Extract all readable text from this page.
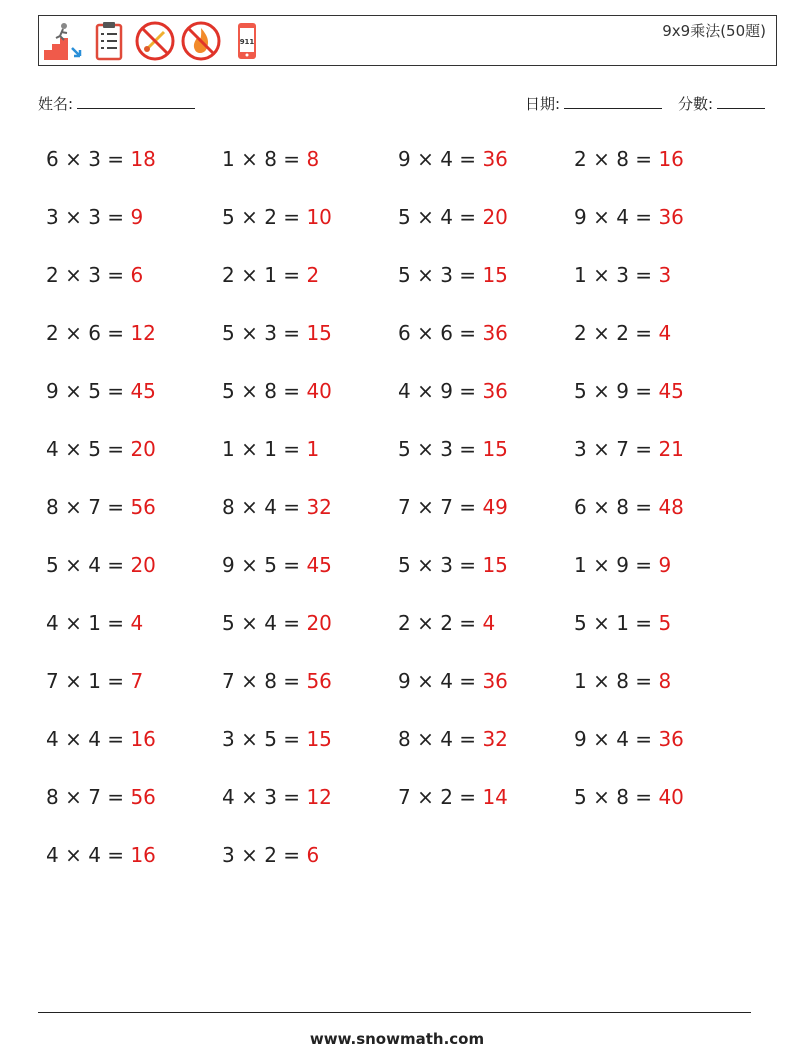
911
9x9乘法(50題)
姓名:	日期:	分數:
6 × 3 = 18	1 × 8 = 8	9 × 4 = 36	2 × 8 = 16
3 × 3 = 9	5 × 2 = 10	5 × 4 = 20	9 × 4 = 36
2 × 3 = 6	2 × 1 = 2	5 × 3 = 15	1 × 3 = 3
2 × 6 = 12	5 × 3 = 15	6 × 6 = 36	2 × 2 = 4
9 × 5 = 45	5 × 8 = 40	4 × 9 = 36	5 × 9 = 45
4 × 5 = 20	1 × 1 = 1	5 × 3 = 15	3 × 7 = 21
8 × 7 = 56	8 × 4 = 32	7 × 7 = 49	6 × 8 = 48
5 × 4 = 20	9 × 5 = 45	5 × 3 = 15	1 × 9 = 9
4 × 1 = 4	5 × 4 = 20	2 × 2 = 4	5 × 1 = 5
7 × 1 = 7	7 × 8 = 56	9 × 4 = 36	1 × 8 = 8
4 × 4 = 16	3 × 5 = 15	8 × 4 = 32	9 × 4 = 36
8 × 7 = 56	4 × 3 = 12	7 × 2 = 14	5 × 8 = 40
4 × 4 = 16	3 × 2 = 6
www.snowmath.com
